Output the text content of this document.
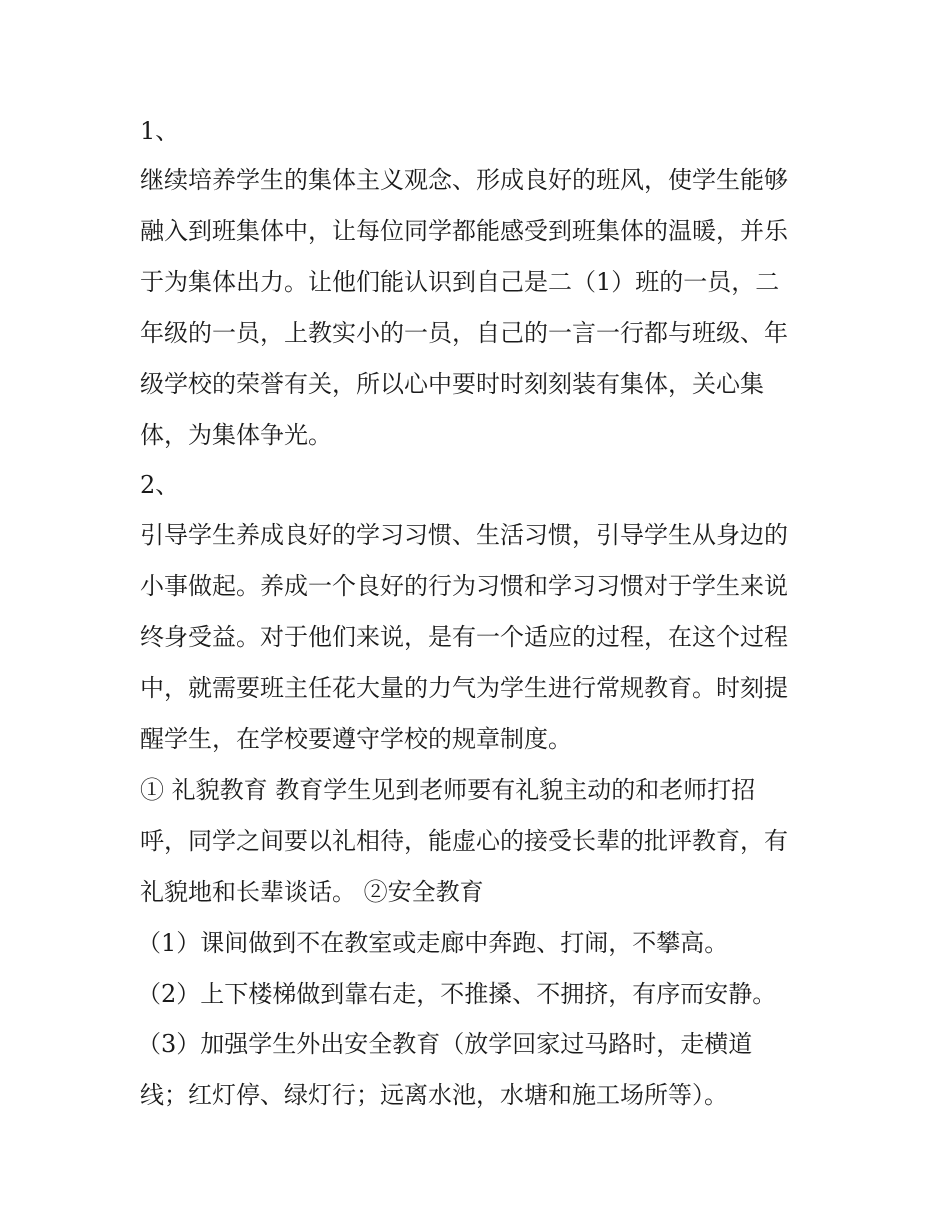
1、
继续培养学生的集体主义观念、形成良好的班风，使学生能够
融入到班集体中，让每位同学都能感受到班集体的温暖，并乐
于为集体出力。让他们能认识到自己是二（1）班的一员，二
年级的一员，上教实小的一员，自己的一言一行都与班级、年
级学校的荣誉有关，所以心中要时时刻刻装有集体，关心集
体，为集体争光。
2、
引导学生养成良好的学习习惯、生活习惯，引导学生从身边的
小事做起。养成一个良好的行为习惯和学习习惯对于学生来说
终身受益。对于他们来说，是有一个适应的过程，在这个过程
中，就需要班主任花大量的力气为学生进行常规教育。时刻提
醒学生，在学校要遵守学校的规章制度。
① 礼貌教育 教育学生见到老师要有礼貌主动的和老师打招
呼，同学之间要以礼相待，能虚心的接受长辈的批评教育，有
礼貌地和长辈谈话。 ②安全教育
（1）课间做到不在教室或走廊中奔跑、打闹，不攀高。
（2）上下楼梯做到靠右走，不推搡、不拥挤，有序而安静。
（3）加强学生外出安全教育（放学回家过马路时，走横道
线；红灯停、绿灯行；远离水池，水塘和施工场所等）。
